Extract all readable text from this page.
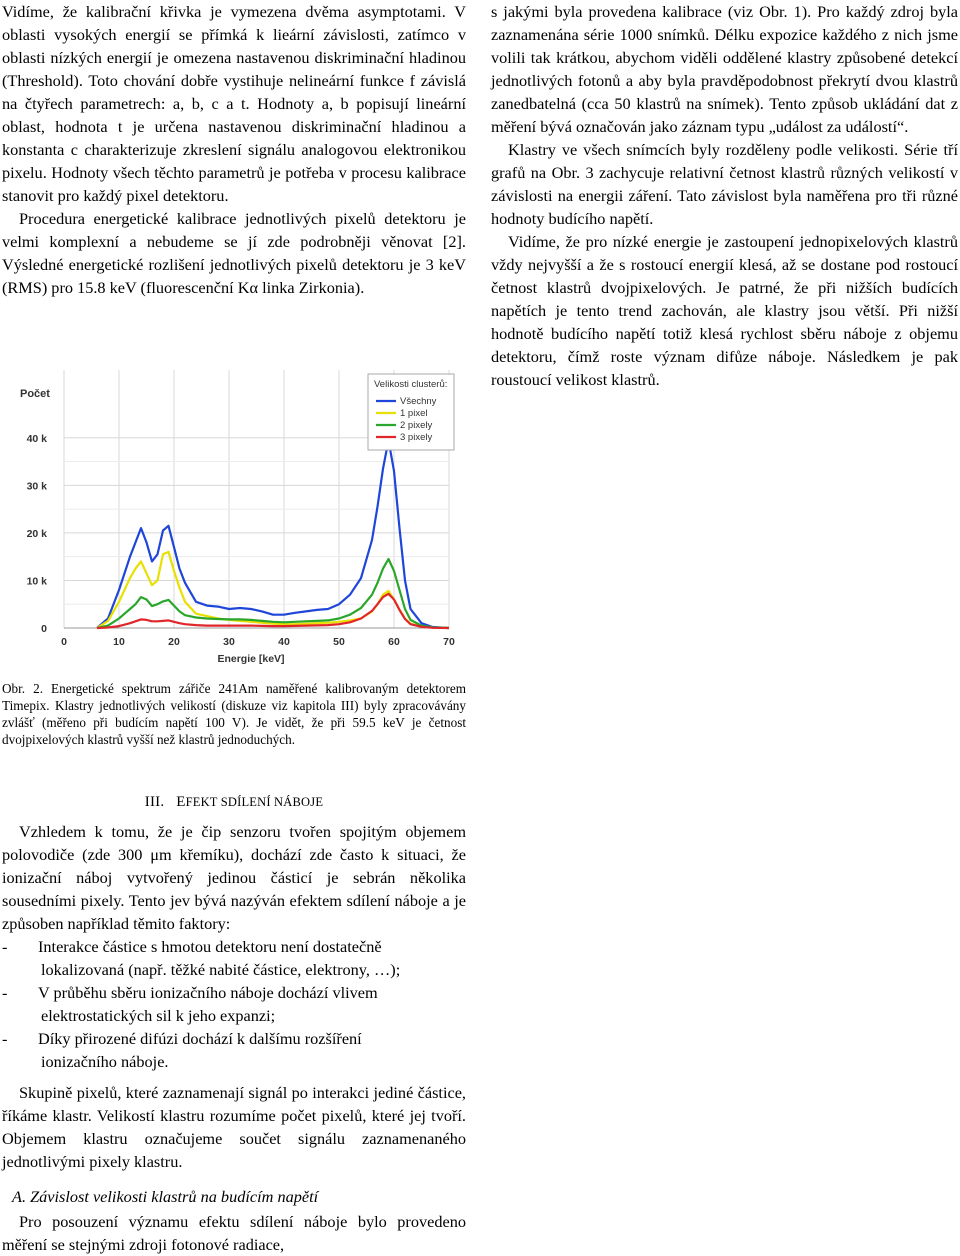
Vidíme, že kalibrační křivka je vymezena dvěma asymptotami. V oblasti vysokých energií se přímká k lieární závislosti, zatímco v oblasti nízkých energií je omezena nastavenou diskriminační hladinou (Threshold). Toto chování dobře vystihuje nelineární funkce f závislá na čtyřech parametrech: a, b, c a t. Hodnoty a, b popisují lineární oblast, hodnota t je určena nastavenou diskriminační hladinou a konstanta c charakterizuje zkreslení signálu analogovou elektronikou pixelu. Hodnoty všech těchto parametrů je potřeba v procesu kalibrace stanovit pro každý pixel detektoru.

Procedura energetické kalibrace jednotlivých pixelů detektoru je velmi komplexní a nebudeme se jí zde podrobněji věnovat [2]. Výsledné energetické rozlišení jednotlivých pixelů detektoru je 3 keV (RMS) pro 15.8 keV (fluorescenční Kα linka Zirkonia).

0	10	20	30	40	50	60	70
0
10 k
20 k
30 k
40 k
Počet
Energie [keV]
Velikosti clusterů:
Všechny
1 pixel
2 pixely
3 pixely
Obr. 2. Energetické spektrum zářiče 241Am naměřené kalibrovaným detektorem Timepix. Klastry jednotlivých velikostí (diskuze viz kapitola III) byly zpracovávány zvlášť (měřeno při budícím napětí 100 V). Je vidět, že při 59.5 keV je četnost dvojpixelových klastrů vyšší než klastrů jednoduchých.
III. EFEKT SDÍLENÍ NÁBOJE

Vzhledem k tomu, že je čip senzoru tvořen spojitým objemem polovodiče (zde 300 μm křemíku), dochází zde často k situaci, že ionizační náboj vytvořený jedinou částicí je sebrán několika sousedními pixely. Tento jev bývá nazýván efektem sdílení náboje a je způsoben například těmito faktory:

- Interakce částice s hmotou detektoru není dostatečně
lokalizovaná (např. těžké nabité částice, elektrony, …);
- V průběhu sběru ionizačního náboje dochází vlivem
elektrostatických sil k jeho expanzi;
- Díky přirozené difúzi dochází k dalšímu rozšíření
ionizačního náboje.

Skupině pixelů, které zaznamenají signál po interakci jediné částice, říkáme klastr. Velikostí klastru rozumíme počet pixelů, které jej tvoří. Objemem klastru označujeme součet signálu zaznamenaného jednotlivými pixely klastru.

A. Závislost velikosti klastrů na budícím napětí

Pro posouzení významu efektu sdílení náboje bylo provedeno měření se stejnými zdroji fotonové radiace,

s jakými byla provedena kalibrace (viz Obr. 1). Pro každý zdroj byla zaznamenána série 1000 snímků. Délku expozice každého z nich jsme volili tak krátkou, abychom viděli oddělené klastry způsobené detekcí jednotlivých fotonů a aby byla pravděpodobnost překrytí dvou klastrů zanedbatelná (cca 50 klastrů na snímek). Tento způsob ukládání dat z měření bývá označován jako záznam typu „událost za událostí“.

Klastry ve všech snímcích byly rozděleny podle velikosti. Série tří grafů na Obr. 3 zachycuje relativní četnost klastrů různých velikostí v závislosti na energii záření. Tato závislost byla naměřena pro tři různé hodnoty budícího napětí.

Vidíme, že pro nízké energie je zastoupení jednopixelových klastrů vždy nejvyšší a že s rostoucí energií klesá, až se dostane pod rostoucí četnost klastrů dvojpixelových. Je patrné, že při nižších budících napětích je tento trend zachován, ale klastry jsou větší. Při nižší hodnotě budícího napětí totiž klesá rychlost sběru náboje z objemu detektoru, čímž roste význam difůze náboje. Následkem je pak roustoucí velikost klastrů.
